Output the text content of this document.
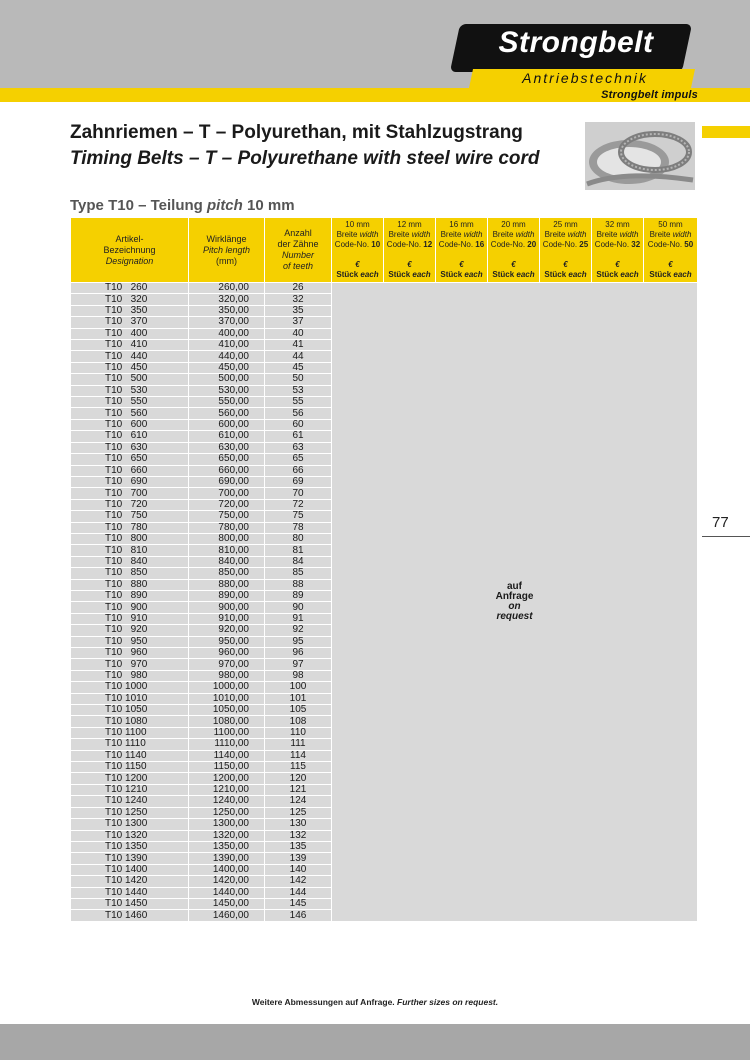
Strongbelt
Antriebstechnik
Strongbelt impuls
Zahnriemen – T – Polyurethan, mit Stahlzugstrang
Timing Belts – T – Polyurethane with steel wire cord
Type T10 – Teilung pitch 10 mm
77
Artikel-
Bezeichnung
Designation	Wirklänge
Pitch length
(mm)	Anzahl
der Zähne
Number
of teeth	10 mm
Breite width
Code-No. 10

€
Stück each	12 mm
Breite width
Code-No. 12

€
Stück each	16 mm
Breite width
Code-No. 16

€
Stück each	20 mm
Breite width
Code-No. 20

€
Stück each	25 mm
Breite width
Code-No. 25

€
Stück each	32 mm
Breite width
Code-No. 32

€
Stück each	50 mm
Breite width
Code-No. 50

€
Stück each
T10   260	260,00	26	auf
Anfrage
on
request						
T10   320	320,00	32							
T10   350	350,00	35							
T10   370	370,00	37							
T10   400	400,00	40							
T10   410	410,00	41							
T10   440	440,00	44							
T10   450	450,00	45							
T10   500	500,00	50							
T10   530	530,00	53							
T10   550	550,00	55							
T10   560	560,00	56							
T10   600	600,00	60							
T10   610	610,00	61							
T10   630	630,00	63							
T10   650	650,00	65							
T10   660	660,00	66							
T10   690	690,00	69							
T10   700	700,00	70							
T10   720	720,00	72							
T10   750	750,00	75							
T10   780	780,00	78							
T10   800	800,00	80							
T10   810	810,00	81							
T10   840	840,00	84							
T10   850	850,00	85							
T10   880	880,00	88							
T10   890	890,00	89							
T10   900	900,00	90							
T10   910	910,00	91							
T10   920	920,00	92							
T10   950	950,00	95							
T10   960	960,00	96							
T10   970	970,00	97							
T10   980	980,00	98							
T10 1000	1000,00	100							
T10 1010	1010,00	101							
T10 1050	1050,00	105							
T10 1080	1080,00	108							
T10 1100	1100,00	110							
T10 1110	1110,00	111							
T10 1140	1140,00	114							
T10 1150	1150,00	115							
T10 1200	1200,00	120							
T10 1210	1210,00	121							
T10 1240	1240,00	124							
T10 1250	1250,00	125							
T10 1300	1300,00	130							
T10 1320	1320,00	132							
T10 1350	1350,00	135							
T10 1390	1390,00	139							
T10 1400	1400,00	140							
T10 1420	1420,00	142							
T10 1440	1440,00	144							
T10 1450	1450,00	145							
T10 1460	1460,00	146							
Weitere Abmessungen auf Anfrage. Further sizes on request.
